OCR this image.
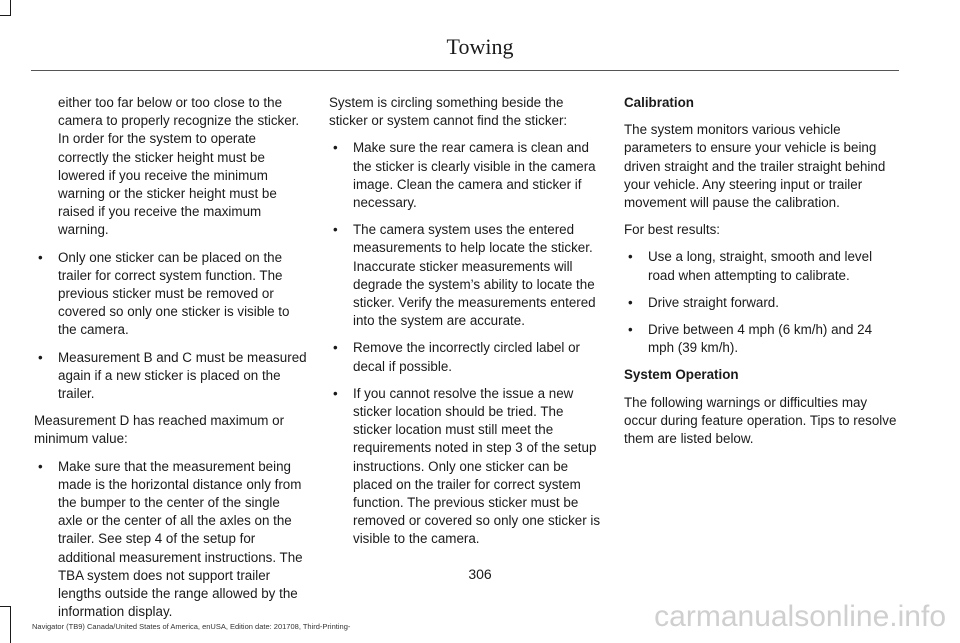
Towing

either too far below or too close to the camera to properly recognize the sticker. In order for the system to operate correctly the sticker height must be lowered if you receive the minimum warning or the sticker height must be raised if you receive the maximum warning.

• Only one sticker can be placed on the trailer for correct system function. The previous sticker must be removed or covered so only one sticker is visible to the camera.
• Measurement B and C must be measured again if a new sticker is placed on the trailer.

Measurement D has reached maximum or minimum value:

• Make sure that the measurement being made is the horizontal distance only from the bumper to the center of the single axle or the center of all the axles on the trailer. See step 4 of the setup for additional measurement instructions. The TBA system does not support trailer lengths outside the range allowed by the information display.

System is circling something beside the sticker or system cannot find the sticker:

• Make sure the rear camera is clean and the sticker is clearly visible in the camera image. Clean the camera and sticker if necessary.
• The camera system uses the entered measurements to help locate the sticker. Inaccurate sticker measurements will degrade the system’s ability to locate the sticker. Verify the measurements entered into the system are accurate.
• Remove the incorrectly circled label or decal if possible.
• If you cannot resolve the issue a new sticker location should be tried. The sticker location must still meet the requirements noted in step 3 of the setup instructions. Only one sticker can be placed on the trailer for correct system function. The previous sticker must be removed or covered so only one sticker is visible to the camera.
Calibration

The system monitors various vehicle parameters to ensure your vehicle is being driven straight and the trailer straight behind your vehicle. Any steering input or trailer movement will pause the calibration.

For best results:

• Use a long, straight, smooth and level road when attempting to calibrate.
• Drive straight forward.
• Drive between 4 mph (6 km/h) and 24 mph (39 km/h).
System Operation

The following warnings or difficulties may occur during feature operation. Tips to resolve them are listed below.

306
Navigator (TB9) Canada/United States of America, enUSA, Edition date: 201708, Third-Printing-	carmanualsonline.info
